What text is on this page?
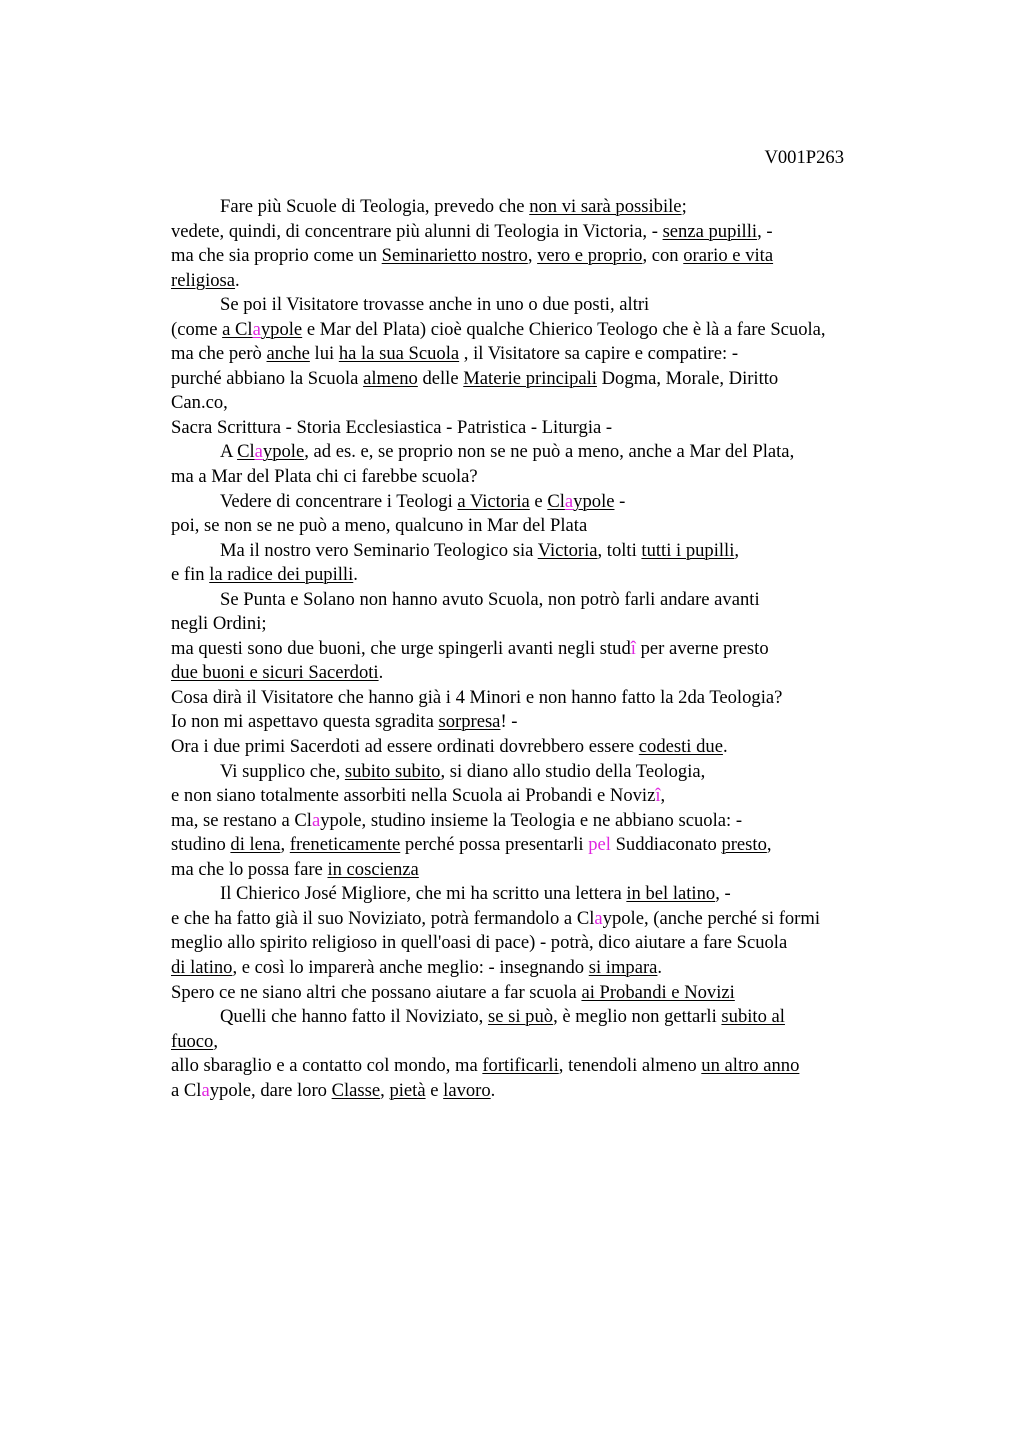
V001P263
Fare più Scuole di Teologia, prevedo che non vi sarà possibile;
vedete, quindi, di concentrare più alunni di Teologia in Victoria, - senza pupilli, -
ma che sia proprio come un Seminarietto nostro, vero e proprio, con orario e vita
religiosa.
Se poi il Visitatore trovasse anche in uno o due posti, altri
(come a Claypole e Mar del Plata) cioè qualche Chierico Teologo che è là a fare Scuola,
ma che però anche lui ha la sua Scuola , il Visitatore sa capire e compatire: -
purché abbiano la Scuola almeno delle Materie principali Dogma, Morale, Diritto
Can.co,
Sacra Scrittura - Storia Ecclesiastica - Patristica - Liturgia -
A Claypole, ad es. e, se proprio non se ne può a meno, anche a Mar del Plata,
ma a Mar del Plata chi ci farebbe scuola?
Vedere di concentrare i Teologi a Victoria e Claypole -
poi, se non se ne può a meno, qualcuno in Mar del Plata
Ma il nostro vero Seminario Teologico sia Victoria, tolti tutti i pupilli,
e fin la radice dei pupilli.
Se Punta e Solano non hanno avuto Scuola, non potrò farli andare avanti
negli Ordini;
ma questi sono due buoni, che urge spingerli avanti negli studî per averne presto
due buoni e sicuri Sacerdoti.
Cosa dirà il Visitatore che hanno già i 4 Minori e non hanno fatto la 2da Teologia?
Io non mi aspettavo questa sgradita sorpresa! -
Ora i due primi Sacerdoti ad essere ordinati dovrebbero essere codesti due.
Vi supplico che, subito subito, si diano allo studio della Teologia,
e non siano totalmente assorbiti nella Scuola ai Probandi e Novizî,
ma, se restano a Claypole, studino insieme la Teologia e ne abbiano scuola: -
studino di lena, freneticamente perché possa presentarli pel Suddiaconato presto,
ma che lo possa fare in coscienza
Il Chierico José Migliore, che mi ha scritto una lettera in bel latino, -
e che ha fatto già il suo Noviziato, potrà fermandolo a Claypole, (anche perché si formi
meglio allo spirito religioso in quell'oasi di pace) - potrà, dico aiutare a fare Scuola
di latino, e così lo imparerà anche meglio: - insegnando si impara.
Spero ce ne siano altri che possano aiutare a far scuola ai Probandi e Novizi
Quelli che hanno fatto il Noviziato, se si può, è meglio non gettarli subito al
fuoco,
allo sbaraglio e a contatto col mondo, ma fortificarli, tenendoli almeno un altro anno
a Claypole, dare loro Classe, pietà e lavoro.
